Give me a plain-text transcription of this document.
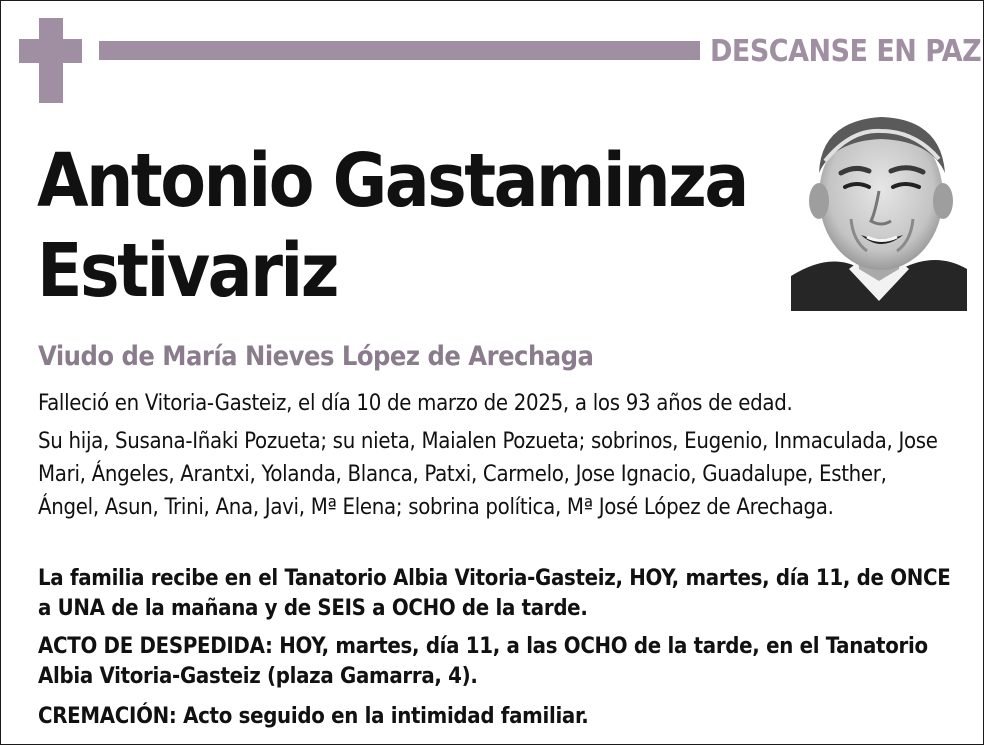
DESCANSE EN PAZ
Antonio Gastaminza Estivariz
Viudo de María Nieves López de Arechaga
Falleció en Vitoria-Gasteiz, el día 10 de marzo de 2025, a los 93 años de edad.
Su hija, Susana-Iñaki Pozueta; su nieta, Maialen Pozueta; sobrinos, Eugenio, Inmaculada, Jose Mari, Ángeles, Arantxi, Yolanda, Blanca, Patxi, Carmelo, Jose Ignacio, Guadalupe, Esther, Ángel, Asun, Trini, Ana, Javi, Mª Elena; sobrina política, Mª José López de Arechaga.
La familia recibe en el Tanatorio Albia Vitoria-Gasteiz, HOY, martes, día 11, de ONCE a UNA de la mañana y de SEIS a OCHO de la tarde.
ACTO DE DESPEDIDA: HOY, martes, día 11, a las OCHO de la tarde, en el Tanatorio Albia Vitoria-Gasteiz (plaza Gamarra, 4).
CREMACIÓN: Acto seguido en la intimidad familiar.
